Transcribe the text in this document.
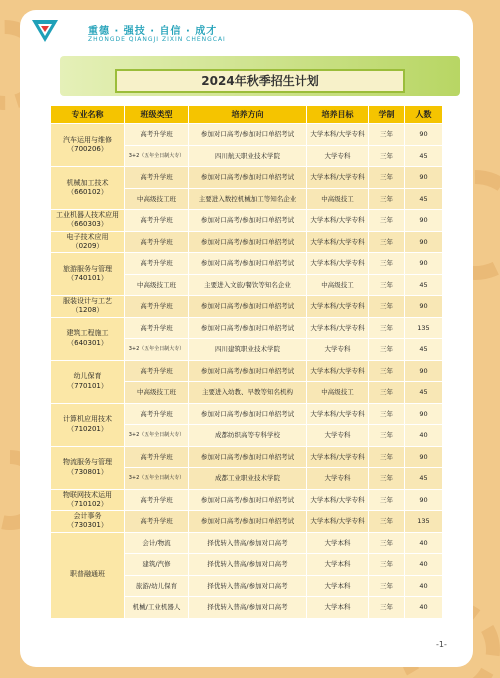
重德 · 强技 · 自信 · 成才
ZHONGDE QIANGJI ZIXIN CHENGCAI
2024年秋季招生计划
专业名称	班级类型	培养方向	培养目标	学制	人数
汽车运用与维修
（700206）	高考升学班	参加对口高考/参加对口单招考试	大学本科/大学专科	三年	90
	3+2（五年全日制大专）	四川航天职业技术学院	大学专科	三年	45
机械加工技术
（660102）	高考升学班	参加对口高考/参加对口单招考试	大学本科/大学专科	三年	90
	中高级技工班	主要进入数控机械加工等知名企业	中高级技工	三年	45
工业机器人技术应用
（660303）	高考升学班	参加对口高考/参加对口单招考试	大学本科/大学专科	三年	90
电子技术应用
（0209）	高考升学班	参加对口高考/参加对口单招考试	大学本科/大学专科	三年	90
旅游服务与管理
（740101）	高考升学班	参加对口高考/参加对口单招考试	大学本科/大学专科	三年	90
	中高级技工班	主要进入文旅/餐饮等知名企业	中高级技工	三年	45
服装设计与工艺
（1208）	高考升学班	参加对口高考/参加对口单招考试	大学本科/大学专科	三年	90
建筑工程施工
（640301）	高考升学班	参加对口高考/参加对口单招考试	大学本科/大学专科	三年	135
	3+2（五年全日制大专）	四川建筑职业技术学院	大学专科	三年	45
幼儿保育
（770101）	高考升学班	参加对口高考/参加对口单招考试	大学本科/大学专科	三年	90
	中高级技工班	主要进入幼教、早教等知名机构	中高级技工	三年	45
计算机应用技术
（710201）	高考升学班	参加对口高考/参加对口单招考试	大学本科/大学专科	三年	90
	3+2（五年全日制大专）	成都纺织高等专科学校	大学专科	三年	40
物流服务与管理
（730801）	高考升学班	参加对口高考/参加对口单招考试	大学本科/大学专科	三年	90
	3+2（五年全日制大专）	成都工业职业技术学院	大学专科	三年	45
物联网技术运用
（710102）	高考升学班	参加对口高考/参加对口单招考试	大学本科/大学专科	三年	90
会计事务
（730301）	高考升学班	参加对口高考/参加对口单招考试	大学本科/大学专科	三年	135
职普融通班	会计/物流	择优转入普高/参加对口高考	大学本科	三年	40
	建筑/汽修	择优转入普高/参加对口高考	大学本科	三年	40
	旅游/幼儿保育	择优转入普高/参加对口高考	大学本科	三年	40
	机械/工业机器人	择优转入普高/参加对口高考	大学本科	三年	40
-1-
